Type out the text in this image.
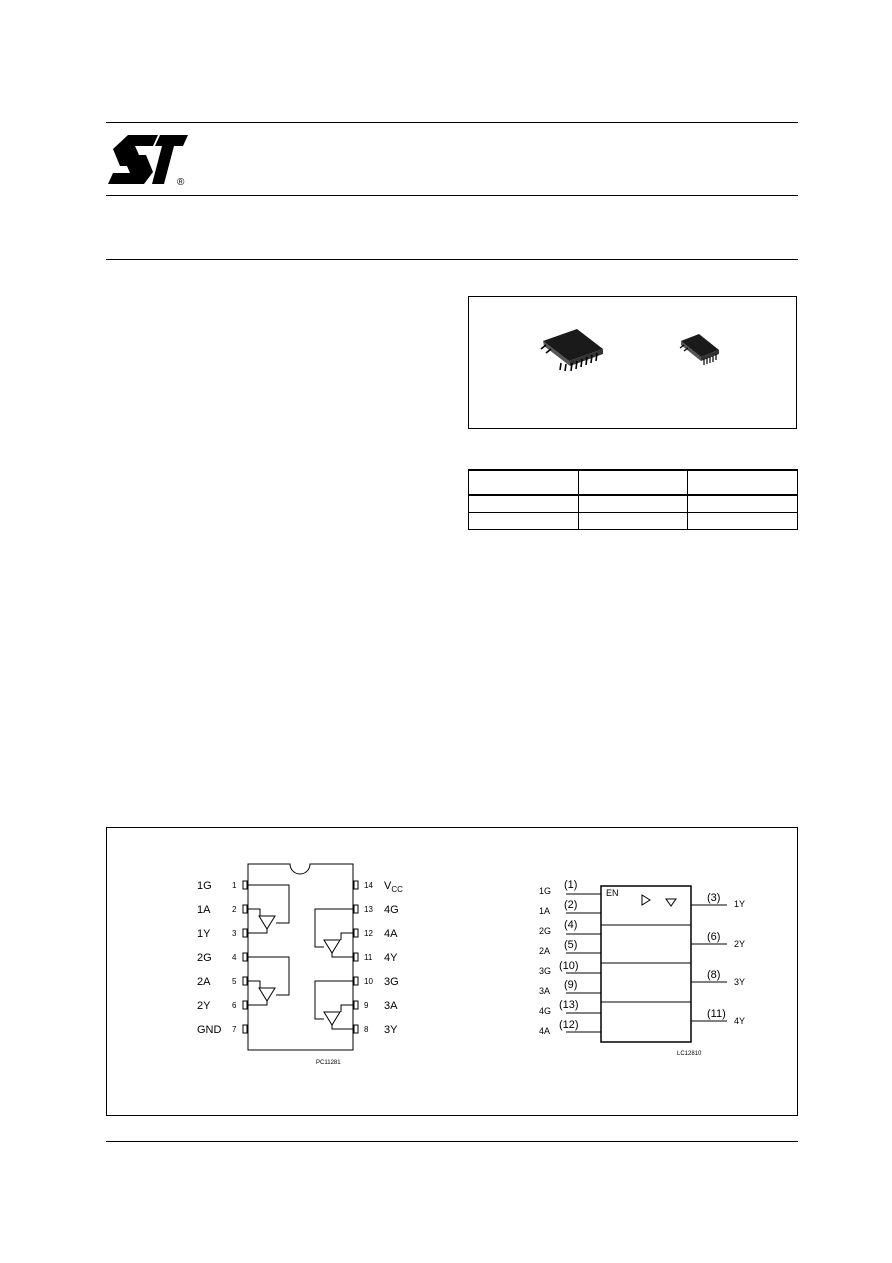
®

1G
1A
1Y
2G
2A
2Y
GND
1
2
3
4
5
6
7
14
13
12
11
10
9
8
$V_{CC}$
4G
4A
4Y
3G
3A
3Y
PC11281
EN
1G
1A
2G
2A
3G
3A
4G
4A
(1)
(2)
(4)
(5)
(10)
(9)
(13)
(12)
(3)
(6)
(8)
(11)
1Y
2Y
3Y
4Y
LC12810
